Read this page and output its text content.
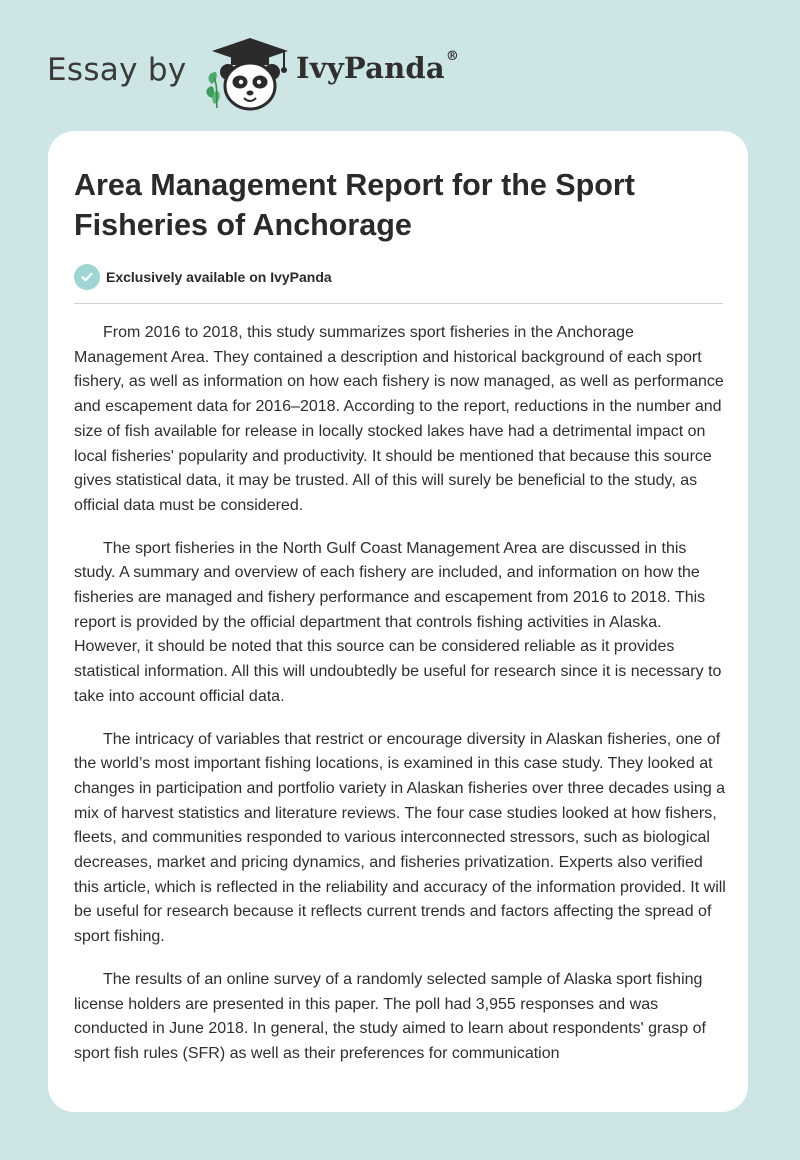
Essay by	IvyPanda®
Area Management Report for the Sport Fisheries of Anchorage
Exclusively available on IvyPanda

From 2016 to 2018, this study summarizes sport fisheries in the Anchorage Management Area. They contained a description and historical background of each sport fishery, as well as information on how each fishery is now managed, as well as performance and escapement data for 2016–2018. According to the report, reductions in the number and size of fish available for release in locally stocked lakes have had a detrimental impact on local fisheries' popularity and productivity. It should be mentioned that because this source gives statistical data, it may be trusted. All of this will surely be beneficial to the study, as official data must be considered.

The sport fisheries in the North Gulf Coast Management Area are discussed in this study. A summary and overview of each fishery are included, and information on how the fisheries are managed and fishery performance and escapement from 2016 to 2018. This report is provided by the official department that controls fishing activities in Alaska. However, it should be noted that this source can be considered reliable as it provides statistical information. All this will undoubtedly be useful for research since it is necessary to take into account official data.

The intricacy of variables that restrict or encourage diversity in Alaskan fisheries, one of the world’s most important fishing locations, is examined in this case study. They looked at changes in participation and portfolio variety in Alaskan fisheries over three decades using a mix of harvest statistics and literature reviews. The four case studies looked at how fishers, fleets, and communities responded to various interconnected stressors, such as biological decreases, market and pricing dynamics, and fisheries privatization. Experts also verified this article, which is reflected in the reliability and accuracy of the information provided. It will be useful for research because it reflects current trends and factors affecting the spread of sport fishing.

The results of an online survey of a randomly selected sample of Alaska sport fishing license holders are presented in this paper. The poll had 3,955 responses and was conducted in June 2018. In general, the study aimed to learn about respondents' grasp of sport fish rules (SFR) as well as their preferences for communication
